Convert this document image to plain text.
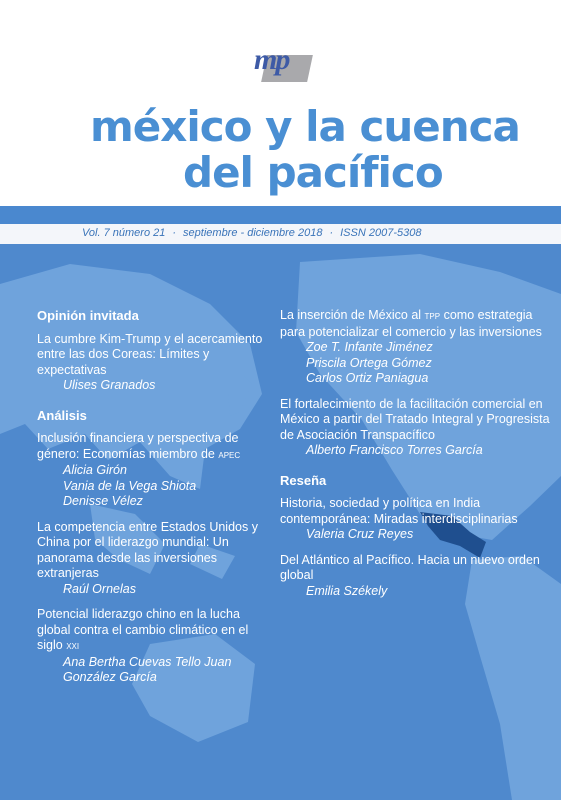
mp
méxico y la cuenca
del pacífico
Vol. 7 número 21 · septiembre - diciembre 2018 · ISSN 2007-5308
Opinión invitada
La cumbre Kim-Trump y el acercamiento entre las dos Coreas: Límites y expectativas
Ulises Granados
Análisis
Inclusión financiera y perspectiva de género: Economías miembro de APEC
Alicia Girón
Vania de la Vega Shiota
Denisse Vélez
La competencia entre Estados Unidos y China por el liderazgo mundial: Un panorama desde las inversiones extranjeras
Raúl Ornelas
Potencial liderazgo chino en la lucha global contra el cambio climático en el siglo XXI
Ana Bertha Cuevas Tello Juan
González García
La inserción de México al TPP como estrategia para potencializar el comercio y las inversiones
Zoe T. Infante Jiménez
Priscila Ortega Gómez
Carlos Ortiz Paniagua
El fortalecimiento de la facilitación comercial en México a partir del Tratado Integral y Progresista de Asociación Transpacífico
Alberto Francisco Torres García
Reseña
Historia, sociedad y política en India contemporánea: Miradas interdisciplinarias
Valeria Cruz Reyes
Del Atlántico al Pacífico. Hacia un nuevo orden global
Emilia Székely
